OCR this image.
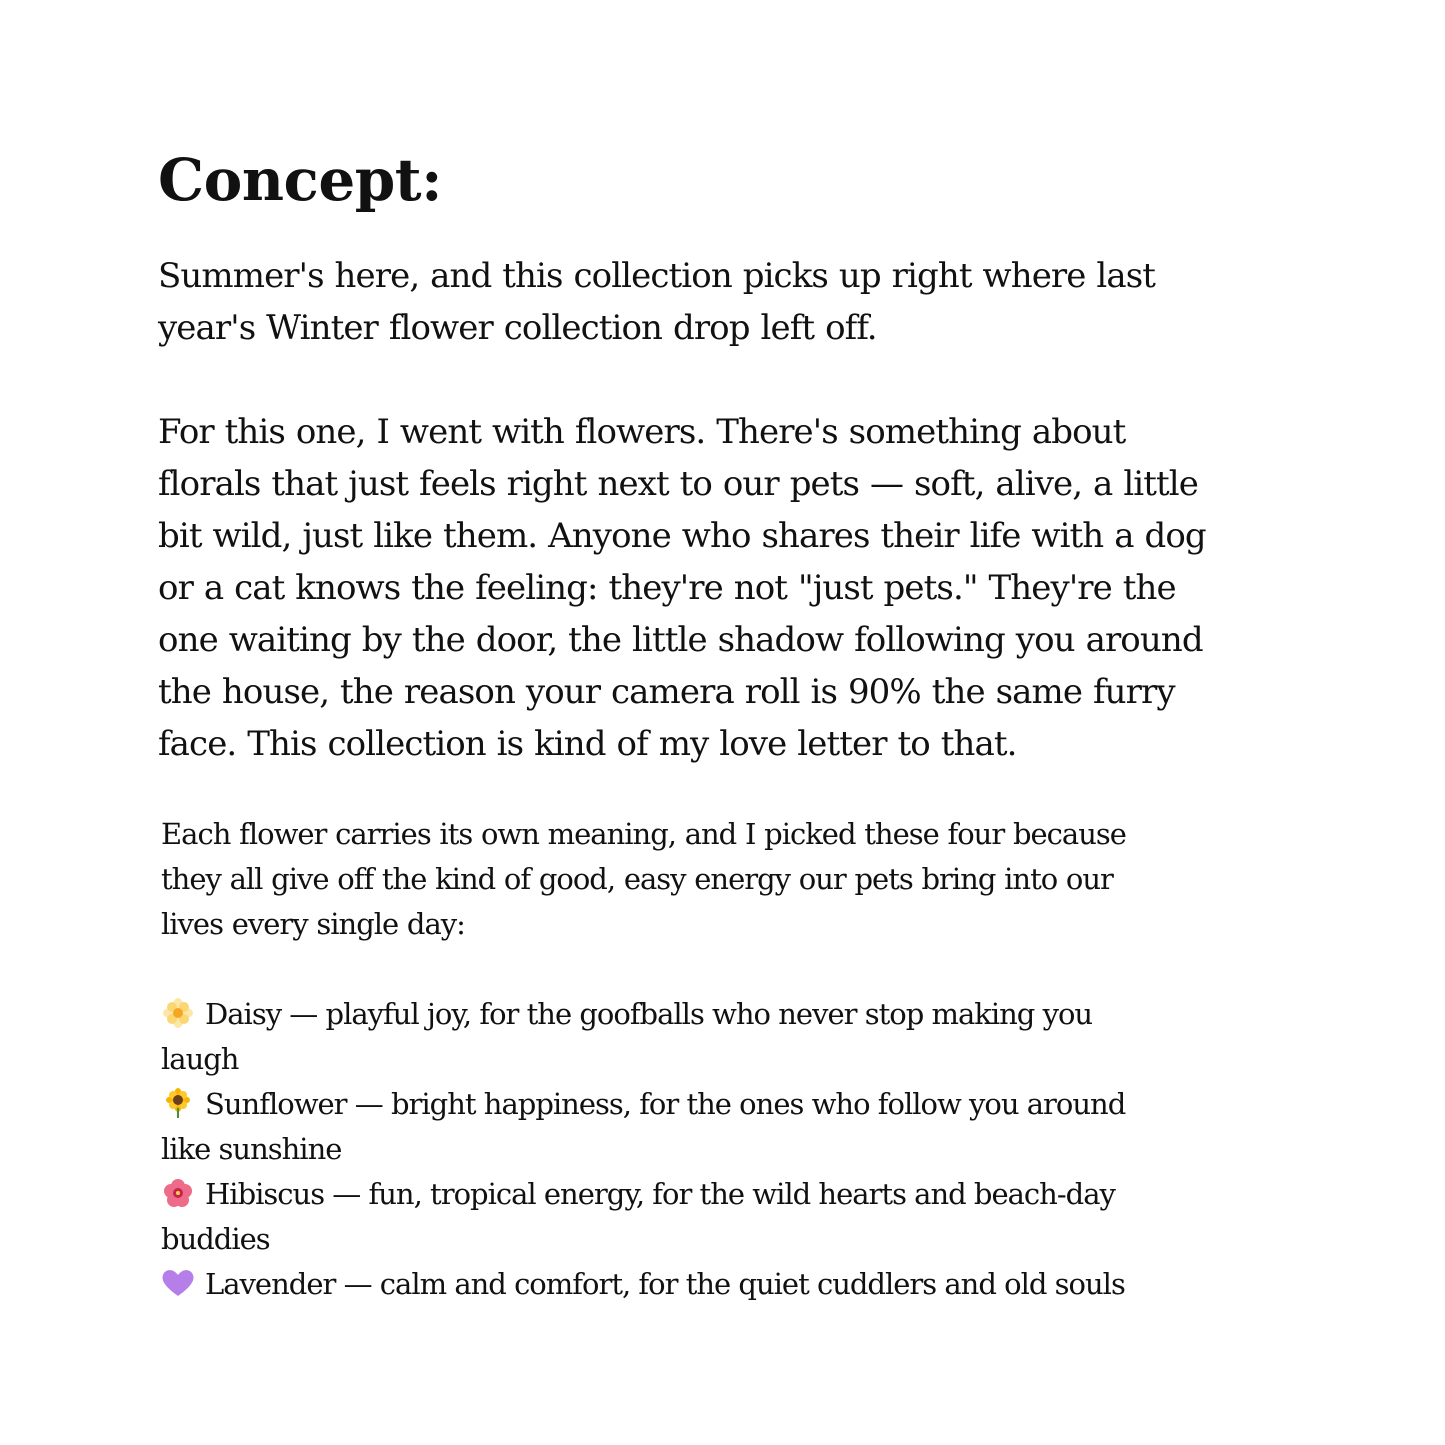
Concept:

Summer's here, and this collection picks up right where last
year's Winter flower collection drop left off.

For this one, I went with flowers. There's something about
florals that just feels right next to our pets — soft, alive, a little
bit wild, just like them. Anyone who shares their life with a dog
or a cat knows the feeling: they're not "just pets." They're the
one waiting by the door, the little shadow following you around
the house, the reason your camera roll is 90% the same furry
face. This collection is kind of my love letter to that.

Each flower carries its own meaning, and I picked these four because
they all give off the kind of good, easy energy our pets bring into our
lives every single day:

Daisy — playful joy, for the goofballs who never stop making you
laugh
Sunflower — bright happiness, for the ones who follow you around
like sunshine
Hibiscus — fun, tropical energy, for the wild hearts and beach-day
buddies
Lavender — calm and comfort, for the quiet cuddlers and old souls
